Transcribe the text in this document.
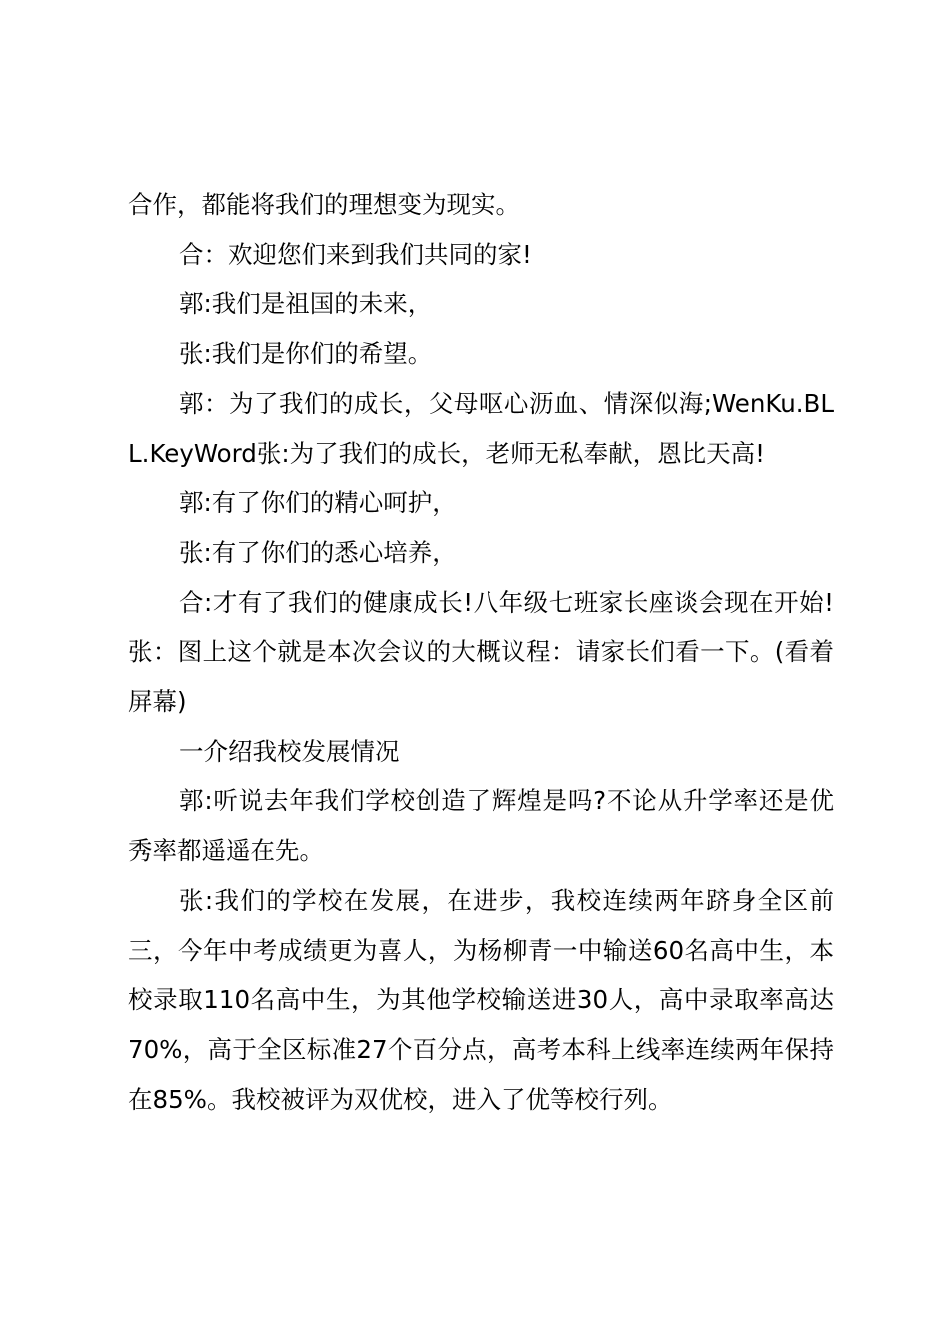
合作，都能将我们的理想变为现实。

合：欢迎您们来到我们共同的家!

郭:我们是祖国的未来，

张:我们是你们的希望。

郭：为了我们的成长，父母呕心沥血、情深似海;WenKu.BLL.KeyWord张:为了我们的成长，老师无私奉献，恩比天高!

郭:有了你们的精心呵护，

张:有了你们的悉心培养，

合:才有了我们的健康成长!八年级七班家长座谈会现在开始!张：图上这个就是本次会议的大概议程：请家长们看一下。(看着屏幕)

一介绍我校发展情况

郭:听说去年我们学校创造了辉煌是吗?不论从升学率还是优秀率都遥遥在先。

张:我们的学校在发展，在进步，我校连续两年跻身全区前三，今年中考成绩更为喜人，为杨柳青一中输送60名高中生，本校录取110名高中生，为其他学校输送进30人，高中录取率高达70%，高于全区标准27个百分点，高考本科上线率连续两年保持在85%。我校被评为双优校，进入了优等校行列。
